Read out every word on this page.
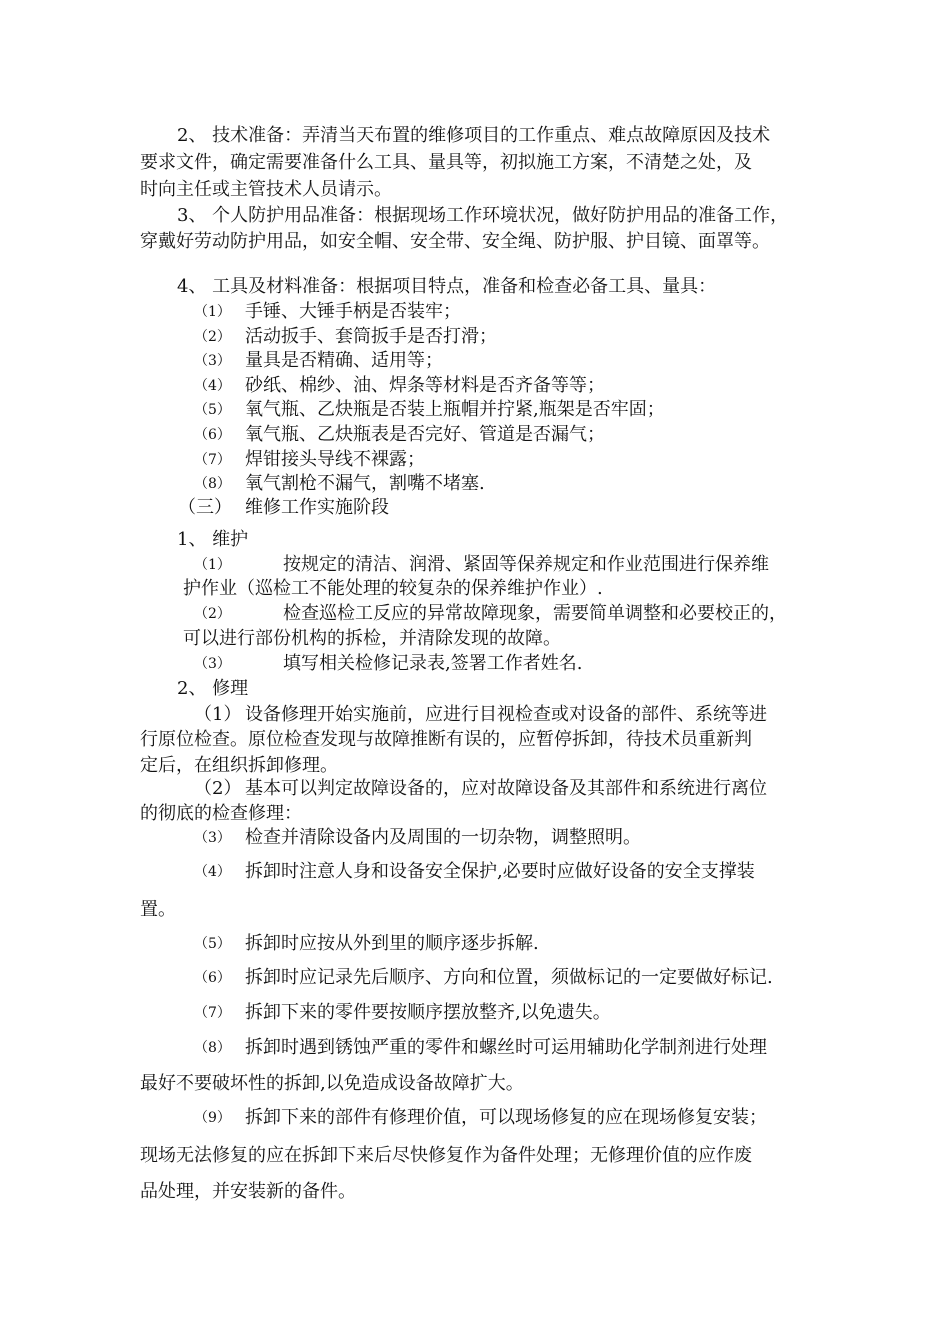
2、 技术准备：弄清当天布置的维修项目的工作重点、难点故障原因及技术
要求文件，确定需要准备什么工具、量具等，初拟施工方案，不清楚之处，及
时向主任或主管技术人员请示。
3、 个人防护用品准备：根据现场工作环境状况，做好防护用品的准备工作，
穿戴好劳动防护用品，如安全帽、安全带、安全绳、防护服、护目镜、面罩等。
4、 工具及材料准备：根据项目特点，准备和检查必备工具、量具：
（1） 手锤、大锤手柄是否装牢；
（2） 活动扳手、套筒扳手是否打滑；
（3） 量具是否精确、适用等；
（4） 砂纸、棉纱、油、焊条等材料是否齐备等等；
（5） 氧气瓶、乙炔瓶是否装上瓶帽并拧紧,瓶架是否牢固；
（6） 氧气瓶、乙炔瓶表是否完好、管道是否漏气；
（7） 焊钳接头导线不裸露；
（8） 氧气割枪不漏气，割嘴不堵塞.
（三） 维修工作实施阶段
1、 维护
（1）	按规定的清洁、润滑、紧固等保养规定和作业范围进行保养维
护作业（巡检工不能处理的较复杂的保养维护作业）.
（2）	检查巡检工反应的异常故障现象，需要简单调整和必要校正的，
可以进行部份机构的拆检，并清除发现的故障。
（3）	填写相关检修记录表,签署工作者姓名.
2、 修理
（1） 设备修理开始实施前，应进行目视检查或对设备的部件、系统等进
行原位检查。原位检查发现与故障推断有误的，应暂停拆卸，待技术员重新判
定后，在组织拆卸修理。
（2） 基本可以判定故障设备的，应对故障设备及其部件和系统进行离位
的彻底的检查修理：
（3） 检查并清除设备内及周围的一切杂物，调整照明。
（4） 拆卸时注意人身和设备安全保护,必要时应做好设备的安全支撑装
置。
（5） 拆卸时应按从外到里的顺序逐步拆解.
（6） 拆卸时应记录先后顺序、方向和位置，须做标记的一定要做好标记.
（7） 拆卸下来的零件要按顺序摆放整齐,以免遗失。
（8） 拆卸时遇到锈蚀严重的零件和螺丝时可运用辅助化学制剂进行处理
最好不要破坏性的拆卸,以免造成设备故障扩大。
（9） 拆卸下来的部件有修理价值，可以现场修复的应在现场修复安装；
现场无法修复的应在拆卸下来后尽快修复作为备件处理；无修理价值的应作废
品处理，并安装新的备件。
